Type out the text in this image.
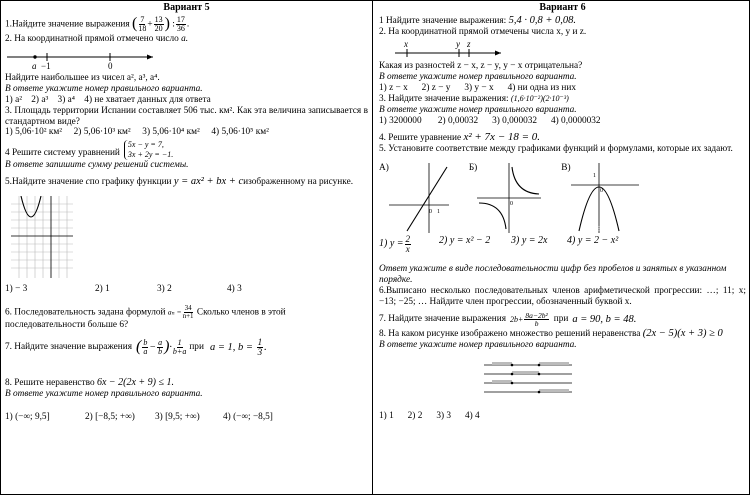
Вариант 5

1.Найдите значение выражения ( $\frac{7}{18} + \frac{13}{20}$ ) : $\frac{17}{36}$ .

2. На координатной прямой отмечено число a.

a −1	0

Найдите наибольшее из чисел a², a³, a⁴.

В ответе укажите номер правильного варианта.

1) a²    2) a³    3) a⁴    4) не хватает данных для ответа

3. Площадь территории Испании составляет 506 тыс. км². Как эта величина записывается в стандартном виде?

1) 5,06·10² км²     2) 5,06·10³ км²     3) 5,06·10⁴ км²     4) 5,06·10⁵ км²

4 Решите систему уравнений
5x − y = 7,
3x + 2y = −1.

В ответе запишите сумму решений системы.

5.Найдите значение cпо графику функции y = ax² + bx + cизображенному на рисунке.
1) − 3	2) 1	3) 2	4) 3
6. Последовательность задана формулой $a_n = \frac{34}{n+1}$ Сколько членов в этой последовательности больше 6?
7. Найдите значение выражения ( $\frac{b}{a} - \frac{a}{b}$ ) · $\frac{1}{b+a}$ при a = 1, $b = \frac{1}{3}$ .
8. Решите неравенство 6x − 2(2x + 9) ≤ 1.

В ответе укажите номер правильного варианта.

1) (−∞; 9,5]	2) [−8,5; +∞)	3) [9,5; +∞)	4) (−∞; −8,5]
Вариант 6

1 Найдите значение выражения: 5,4 · 0,8 + 0,08.

2. На координатной прямой отмечены числа x, y и z.

x	y z

Какая из разностей z − x, z − y, y − x отрицательна?

В ответе укажите номер правильного варианта.

1) z − x      2) z − y      3) y − x      4) ни одна из них

3. Найдите значение выражения: (1,6·10⁻²)(2·10⁻³)

В ответе укажите номер правильного варианта.

1) 3200000       2) 0,00032      3) 0,000032      4) 0,0000032

4. Решите уравнение x² + 7x − 18 = 0.

5. Установите соответствие между графиками функций и формулами, которые их задают.

А)
0 1
Б)
0
В)
1
0
1) $y = \frac{2}{x}$	2) y = x² − 2	3) y = 2x	4) y = 2 − x²

Ответ укажите в виде последовательности цифр без пробелов и занятых в указанном порядке.

6.Выписано несколько последовательных членов арифметической прогрессии: …; 11; x; −13; −25; … Найдите член прогрессии, обозначенный буквой x.

7. Найдите значение выражения $2b+ \frac{\text{8a−2b²}}{b}$ при a = 90, b = 48.

8. На каком рисунке изображено множество решений неравенства (2x − 5)(x + 3) ≥ 0

В ответе укажите номер правильного варианта.

1) 1      2) 2      3) 3      4) 4
